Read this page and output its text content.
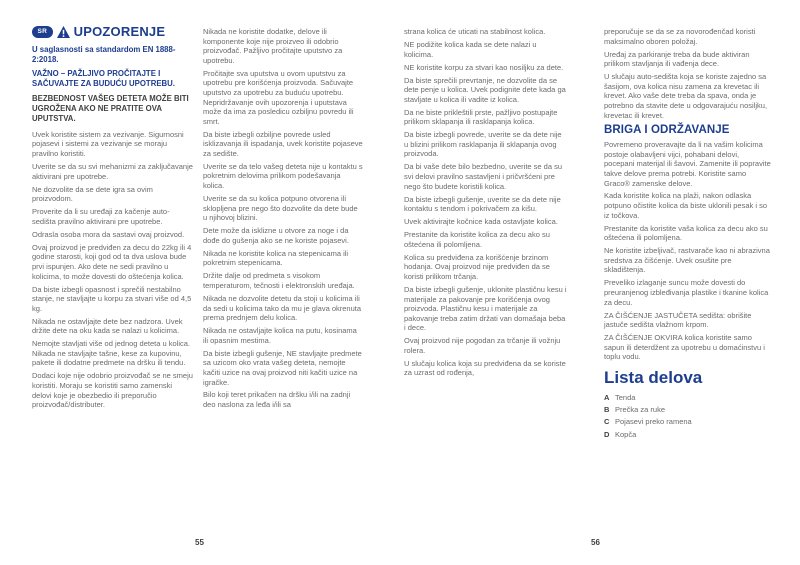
SR	UPOZORENJE
U saglasnosti sa standardom EN 1888-2:2018.
VAŽNO – PAŽLJIVO PROČITAJTE I SAČUVAJTE ZA BUDUĆU UPOTREBU.
BEZBEDNOST VAŠEG DETETA MOŽE BITI UGROŽENA AKO NE PRATITE OVA UPUTSTVA.

Uvek koristite sistem za vezivanje. Sigurnosni pojasevi i sistemi za vezivanje se moraju pravilno koristiti.

Uverite se da su svi mehanizmi za zaključavanje aktivirani pre upotrebe.

Ne dozvolite da se dete igra sa ovim proizvodom.

Proverite da li su uređaji za kačenje auto-sedišta pravilno aktivirani pre upotrebe.

Odrasla osoba mora da sastavi ovaj proizvod.

Ovaj proizvod je predviđen za decu do 22kg ili 4 godine starosti, koji god od ta dva uslova bude prvi ispunjen. Ako dete ne sedi pravilno u kolicima, to može dovesti do oštećenja kolica.

Da biste izbegli opasnost i sprečili nestabilno stanje, ne stavljajte u korpu za stvari više od 4,5 kg.

Nikada ne ostavljajte dete bez nadzora. Uvek držite dete na oku kada se nalazi u kolicima.

Nemojte stavljati više od jednog deteta u kolica. Nikada ne stavljajte tašne, kese za kupovinu, pakete ili dodatne predmete na dršku ili tendu.

Dodaci koje nije odobrio proizvođač se ne smeju koristiti. Moraju se koristiti samo zamenski delovi koje je obezbedio ili preporučio proizvođač/distributer.

Nikada ne koristite dodatke, delove ili komponente koje nije proizveo ili odobrio proizvođač. Pažljivo pročitajte uputstvo za upotrebu.

Pročitajte sva uputstva u ovom uputstvu za upotrebu pre korišćenja proizvoda. Sačuvajte uputstvo za upotrebu za buduću upotrebu. Nepridržavanje ovih upozorenja i uputstava može da ima za posledicu ozbiljnu povredu ili smrt.

Da biste izbegli ozbiljne povrede usled isklizavanja ili ispadanja, uvek koristite pojaseve za sedište.

Uverite se da telo vašeg deteta nije u kontaktu s pokretnim delovima prilikom podešavanja kolica.

Uverite se da su kolica potpuno otvorena ili sklopljena pre nego što dozvolite da dete bude u njihovoj blizini.

Dete može da isklizne u otvore za noge i da dođe do gušenja ako se ne koriste pojasevi.

Nikada ne koristite kolica na stepenicama ili pokretnim stepenicama.

Držite dalje od predmeta s visokom temperaturom, tečnosti i elektronskih uređaja.

Nikada ne dozvolite detetu da stoji u kolicima ili da sedi u kolicima tako da mu je glava okrenuta prema prednjem delu kolica.

Nikada ne ostavljajte kolica na putu, kosinama ili opasnim mestima.

Da biste izbegli gušenje, NE stavljajte predmete sa uzicom oko vrata vašeg deteta, nemojte kačiti uzice na ovaj proizvod niti kačiti uzice na igračke.

Bilo koji teret prikačen na dršku i/ili na zadnji deo naslona za leđa i/ili sa

strana kolica će uticati na stabilnost kolica.

NE podižite kolica kada se dete nalazi u kolicima.

NE koristite korpu za stvari kao nosiljku za dete.

Da biste sprečili prevrtanje, ne dozvolite da se dete penje u kolica. Uvek podignite dete kada ga stavljate u kolica ili vadite iz kolica.

Da ne biste prikleštili prste, pažljivo postupajte prilikom sklapanja ili rasklapanja kolica.

Da biste izbegli povrede, uverite se da dete nije u blizini prilikom rasklapanja ili sklapanja ovog proizvoda.

Da bi vaše dete bilo bezbedno, uverite se da su svi delovi pravilno sastavljeni i pričvršćeni pre nego što budete koristili kolica.

Da biste izbegli gušenje, uverite se da dete nije kontaktu s tendom i pokrivačem za kišu.

Uvek aktivirajte kočnice kada ostavljate kolica.

Prestanite da koristite kolica za decu ako su oštećena ili polomljena.

Kolica su predviđena za korišćenje brzinom hodanja. Ovaj proizvod nije predviđen da se koristi prilikom trčanja.

Da biste izbegli gušenje, uklonite plastičnu kesu i materijale za pakovanje pre korišćenja ovog proizvoda. Plastičnu kesu i materijale za pakovanje treba zatim držati van domašaja beba i dece.

Ovaj proizvod nije pogodan za trčanje ili vožnju rolera.

U slučaju kolica koja su predviđena da se koriste za uzrast od rođenja,

preporučuje se da se za novorođenčad koristi maksimalno oboren položaj.

Uređaj za parkiranje treba da bude aktiviran prilikom stavljanja ili vađenja dece.

U slučaju auto-sedišta koja se koriste zajedno sa šasijom, ova kolica nisu zamena za krevetac ili krevet. Ako vaše dete treba da spava, onda je potrebno da stavite dete u odgovarajuću nosiljku, krevetac ili krevet.

BRIGA I ODRŽAVANJE

Povremeno proveravajte da li na vašim kolicima postoje olabavljeni vijci, pohabani delovi, pocepani materijal ili šavovi. Zamenite ili popravite takve delove prema potrebi. Koristite samo Graco® zamenske delove.

Kada koristite kolica na plaži, nakon odlaska potpuno očistite kolica da biste uklonili pesak i so iz točkova.

Prestanite da koristite vaša kolica za decu ako su oštećena ili polomljena.

Ne koristite izbeljivač, rastvarače kao ni abrazivna sredstva za čišćenje. Uvek osušite pre skladištenja.

Preveliko izlaganje suncu može dovesti do preuranjenog izbleđivanja plastike i tkanine kolica za decu.

ZA ČIŠĆENJE JASTUČETA sedišta: obrišite jastuče sedišta vlažnom krpom.

ZA ČIŠĆENJE OKVIRA kolica koristite samo sapun ili deterdžent za upotrebu u domaćinstvu i toplu vodu.

Lista delova
A Tenda
B Prečka za ruke
C Pojasevi preko ramena
D Kopča
55	56
